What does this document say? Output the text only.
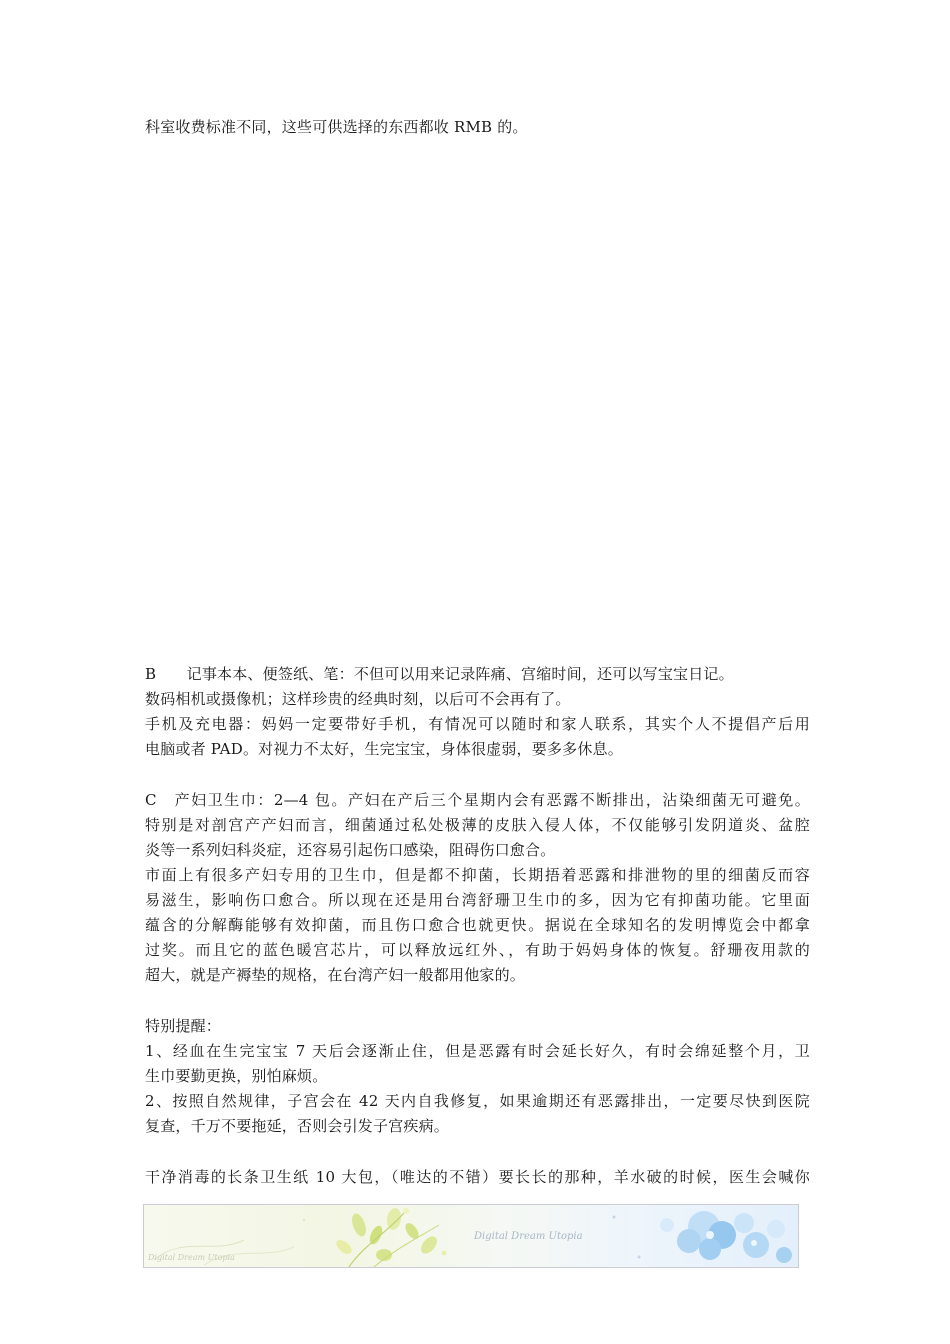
科室收费标准不同，这些可供选择的东西都收 RMB 的。
B　　记事本本、便签纸、笔：不但可以用来记录阵痛、宫缩时间，还可以写宝宝日记。
数码相机或摄像机；这样珍贵的经典时刻，以后可不会再有了。
手机及充电器：妈妈一定要带好手机，有情况可以随时和家人联系，其实个人不提倡产后用
电脑或者 PAD。对视力不太好，生完宝宝，身体很虚弱，要多多休息。
C　产妇卫生巾：2—4 包。产妇在产后三个星期内会有恶露不断排出，沾染细菌无可避免。
特别是对剖宫产产妇而言，细菌通过私处极薄的皮肤入侵人体，不仅能够引发阴道炎、盆腔
炎等一系列妇科炎症，还容易引起伤口感染，阻碍伤口愈合。
市面上有很多产妇专用的卫生巾，但是都不抑菌，长期捂着恶露和排泄物的里的细菌反而容
易滋生，影响伤口愈合。所以现在还是用台湾舒珊卫生巾的多，因为它有抑菌功能。它里面
蕴含的分解酶能够有效抑菌，而且伤口愈合也就更快。据说在全球知名的发明博览会中都拿
过奖。而且它的蓝色暖宫芯片，可以释放远红外、，有助于妈妈身体的恢复。舒珊夜用款的
超大，就是产褥垫的规格，在台湾产妇一般都用他家的。
特别提醒：
1、经血在生完宝宝 7 天后会逐渐止住，但是恶露有时会延长好久，有时会绵延整个月，卫
生巾要勤更换，别怕麻烦。
2、按照自然规律，子宫会在 42 天内自我修复，如果逾期还有恶露排出，一定要尽快到医院
复查，千万不要拖延，否则会引发子宫疾病。
干净消毒的长条卫生纸 10 大包，（唯达的不错）要长长的那种，羊水破的时候，医生会喊你
Digital Dream Utopia
Digital Dream Utopia
